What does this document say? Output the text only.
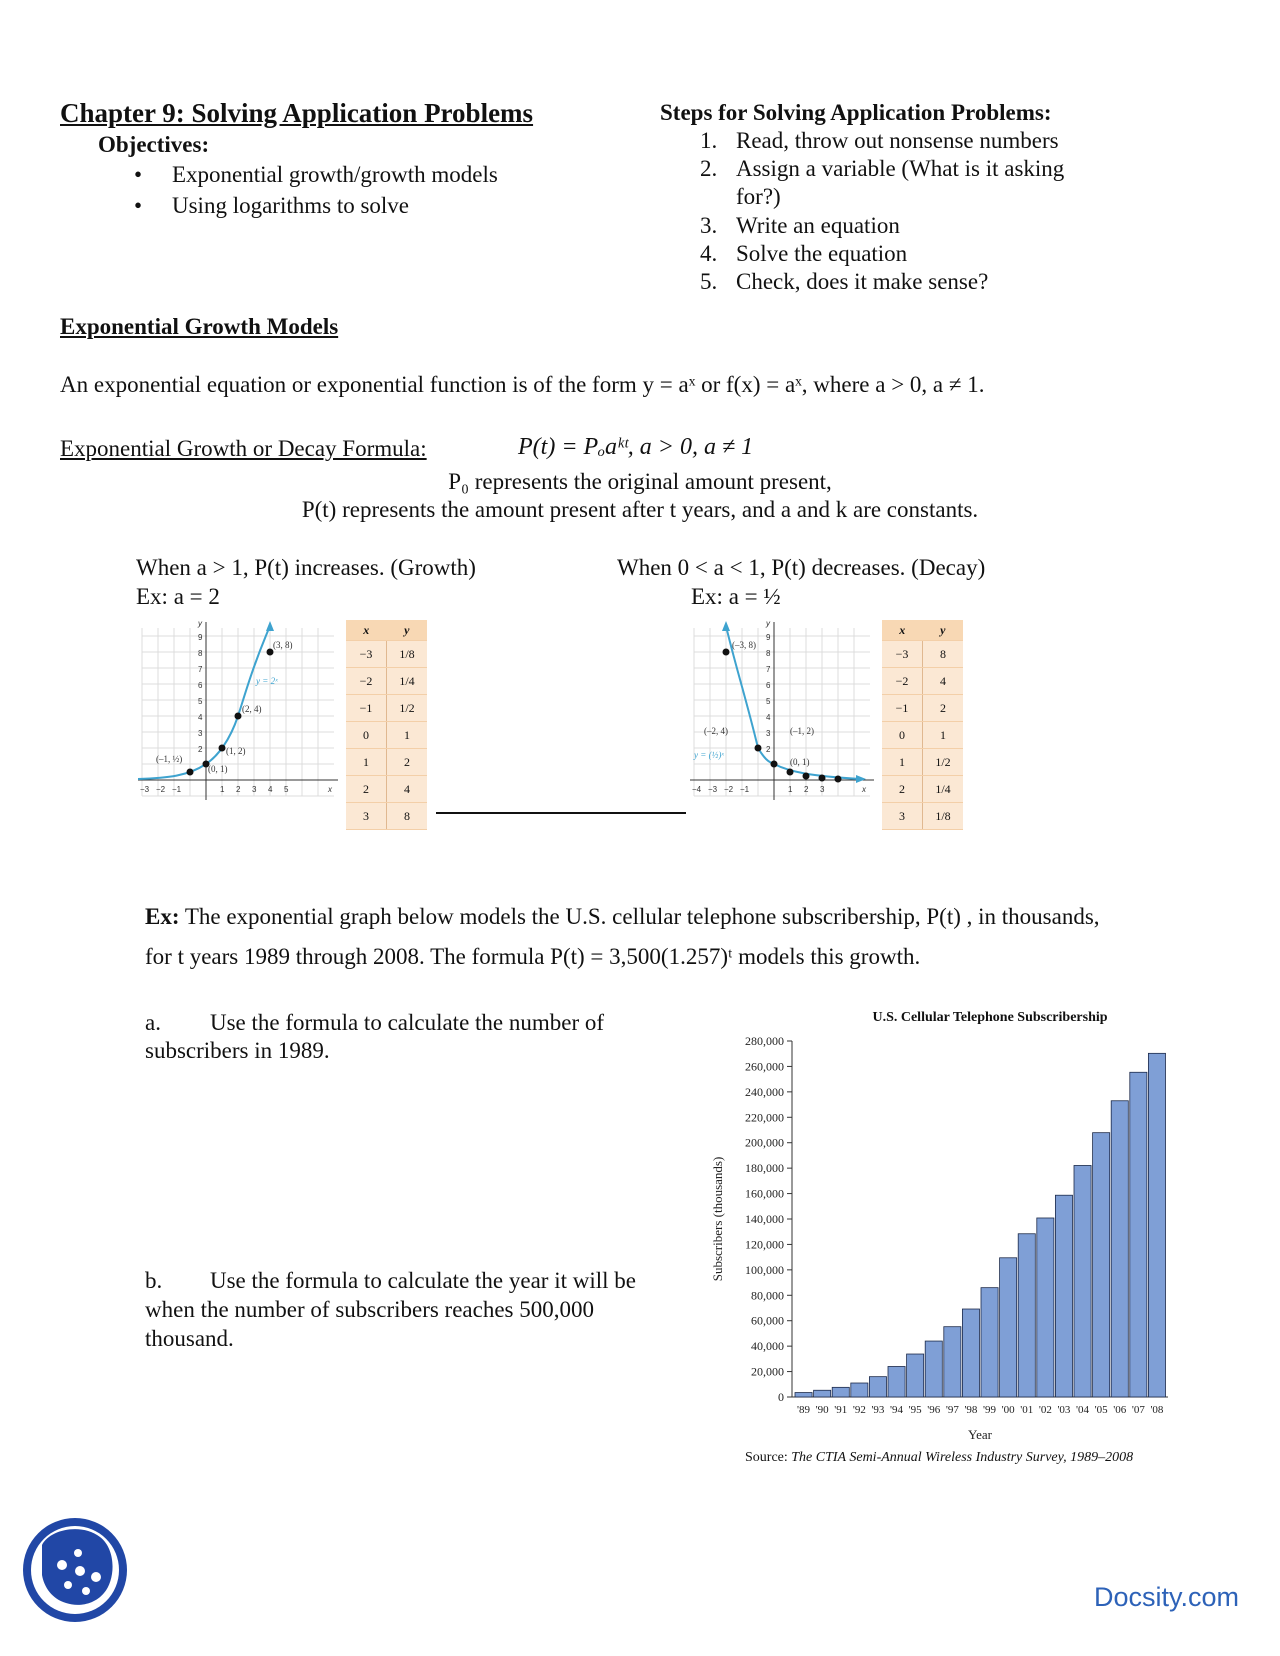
Chapter 9: Solving Application Problems
Objectives:
• Exponential growth/growth models
• Using logarithms to solve
Steps for Solving Application Problems:
1. Read, throw out nonsense numbers
2. Assign a variable (What is it asking
for?)
3. Write an equation
4. Solve the equation
5. Check, does it make sense?
Exponential Growth Models
An exponential equation or exponential function is of the form y = aˣ or f(x) = aˣ, where a > 0, a ≠ 1.
Exponential Growth or Decay Formula:	P(t) = Pₒaᵏᵗ, a > 0, a ≠ 1
P₀ represents the original amount present,
P(t) represents the amount present after t years, and a and k are constants.
When a > 1, P(t) increases. (Growth)
Ex: a = 2
When 0 < a < 1, P(t) decreases. (Decay)
Ex: a = ½
(–1, ½)
(0, 1)
(1, 2)
(2, 4)
(3, 8)
y = 2ˣ
9
8
7
6
5
4
3
2
−3 −2 −1	1 2 3 4 5	x
y	x	y
−3	1/8
−2	1/4
−1	1/2
0	1
1	2
2	4
3	8
(–3, 8)
(–2, 4)	(–1, 2)
(0, 1)
y = (½)ˣ
9
8
7
6
5
4
3
2
−4 −3 −2 −1	1 2 3	x
y	x	y
−3	8
−2	4
−1	2
0	1
1	1/2
2	1/4
3	1/8
Ex: The exponential graph below models the U.S. cellular telephone subscribership, P(t) , in thousands,
for t years 1989 through 2008. The formula P(t) = 3,500(1.257)ᵗ models this growth.
a. Use the formula to calculate the number of
subscribers in 1989.
b. Use the formula to calculate the year it will be
when the number of subscribers reaches 500,000
thousand.
U.S. Cellular Telephone Subscribership
0
20,000
40,000
60,000
80,000
100,000
120,000
140,000
160,000
180,000
200,000
220,000
240,000
260,000
280,000
'89 '90 '91 '92 '93 '94 '95 '96 '97 '98 '99 '00 '01 '02 '03 '04 '05 '06 '07 '08
Year
Subscribers (thousands)
Source: The CTIA Semi-Annual Wireless Industry Survey, 1989–2008
Docsity.com
